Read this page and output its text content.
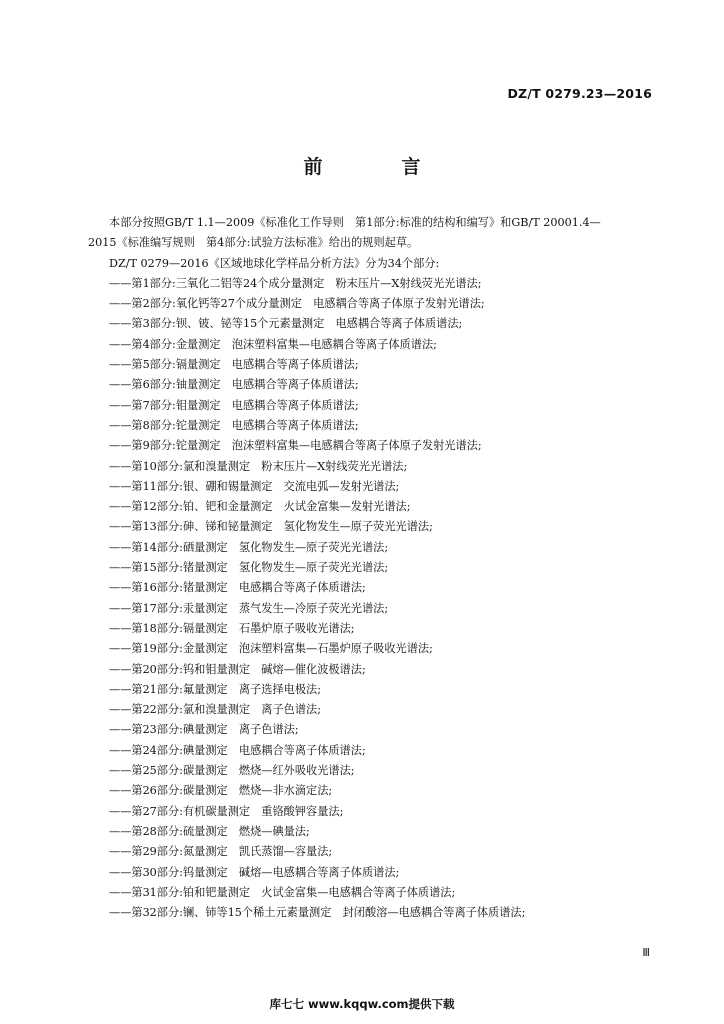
DZ/T 0279.23—2016
前　言
本部分按照GB/T 1.1—2009《标准化工作导则　第1部分:标准的结构和编写》和GB/T 20001.4—
2015《标准编写规则　第4部分:试验方法标准》给出的规则起草。
DZ/T 0279—2016《区域地球化学样品分析方法》分为34个部分:
——第1部分:三氧化二铝等24个成分量测定　粉末压片—X射线荧光光谱法;
——第2部分:氧化钙等27个成分量测定　电感耦合等离子体原子发射光谱法;
——第3部分:钡、铍、铋等15个元素量测定　电感耦合等离子体质谱法;
——第4部分:金量测定　泡沫塑料富集—电感耦合等离子体质谱法;
——第5部分:镉量测定　电感耦合等离子体质谱法;
——第6部分:铀量测定　电感耦合等离子体质谱法;
——第7部分:钼量测定　电感耦合等离子体质谱法;
——第8部分:铊量测定　电感耦合等离子体质谱法;
——第9部分:铊量测定　泡沫塑料富集—电感耦合等离子体原子发射光谱法;
——第10部分:氯和溴量测定　粉末压片—X射线荧光光谱法;
——第11部分:银、硼和锡量测定　交流电弧—发射光谱法;
——第12部分:铂、钯和金量测定　火试金富集—发射光谱法;
——第13部分:砷、锑和铋量测定　氢化物发生—原子荧光光谱法;
——第14部分:硒量测定　氢化物发生—原子荧光光谱法;
——第15部分:锗量测定　氢化物发生—原子荧光光谱法;
——第16部分:锗量测定　电感耦合等离子体质谱法;
——第17部分:汞量测定　蒸气发生—冷原子荧光光谱法;
——第18部分:镉量测定　石墨炉原子吸收光谱法;
——第19部分:金量测定　泡沫塑料富集—石墨炉原子吸收光谱法;
——第20部分:钨和钼量测定　碱熔—催化波极谱法;
——第21部分:氟量测定　离子选择电极法;
——第22部分:氯和溴量测定　离子色谱法;
——第23部分:碘量测定　离子色谱法;
——第24部分:碘量测定　电感耦合等离子体质谱法;
——第25部分:碳量测定　燃烧—红外吸收光谱法;
——第26部分:碳量测定　燃烧—非水滴定法;
——第27部分:有机碳量测定　重铬酸钾容量法;
——第28部分:硫量测定　燃烧—碘量法;
——第29部分:氮量测定　凯氏蒸馏—容量法;
——第30部分:钨量测定　碱熔—电感耦合等离子体质谱法;
——第31部分:铂和钯量测定　火试金富集—电感耦合等离子体质谱法;
——第32部分:镧、铈等15个稀土元素量测定　封闭酸溶—电感耦合等离子体质谱法;
Ⅲ
库七七 www.kqqw.com提供下载
